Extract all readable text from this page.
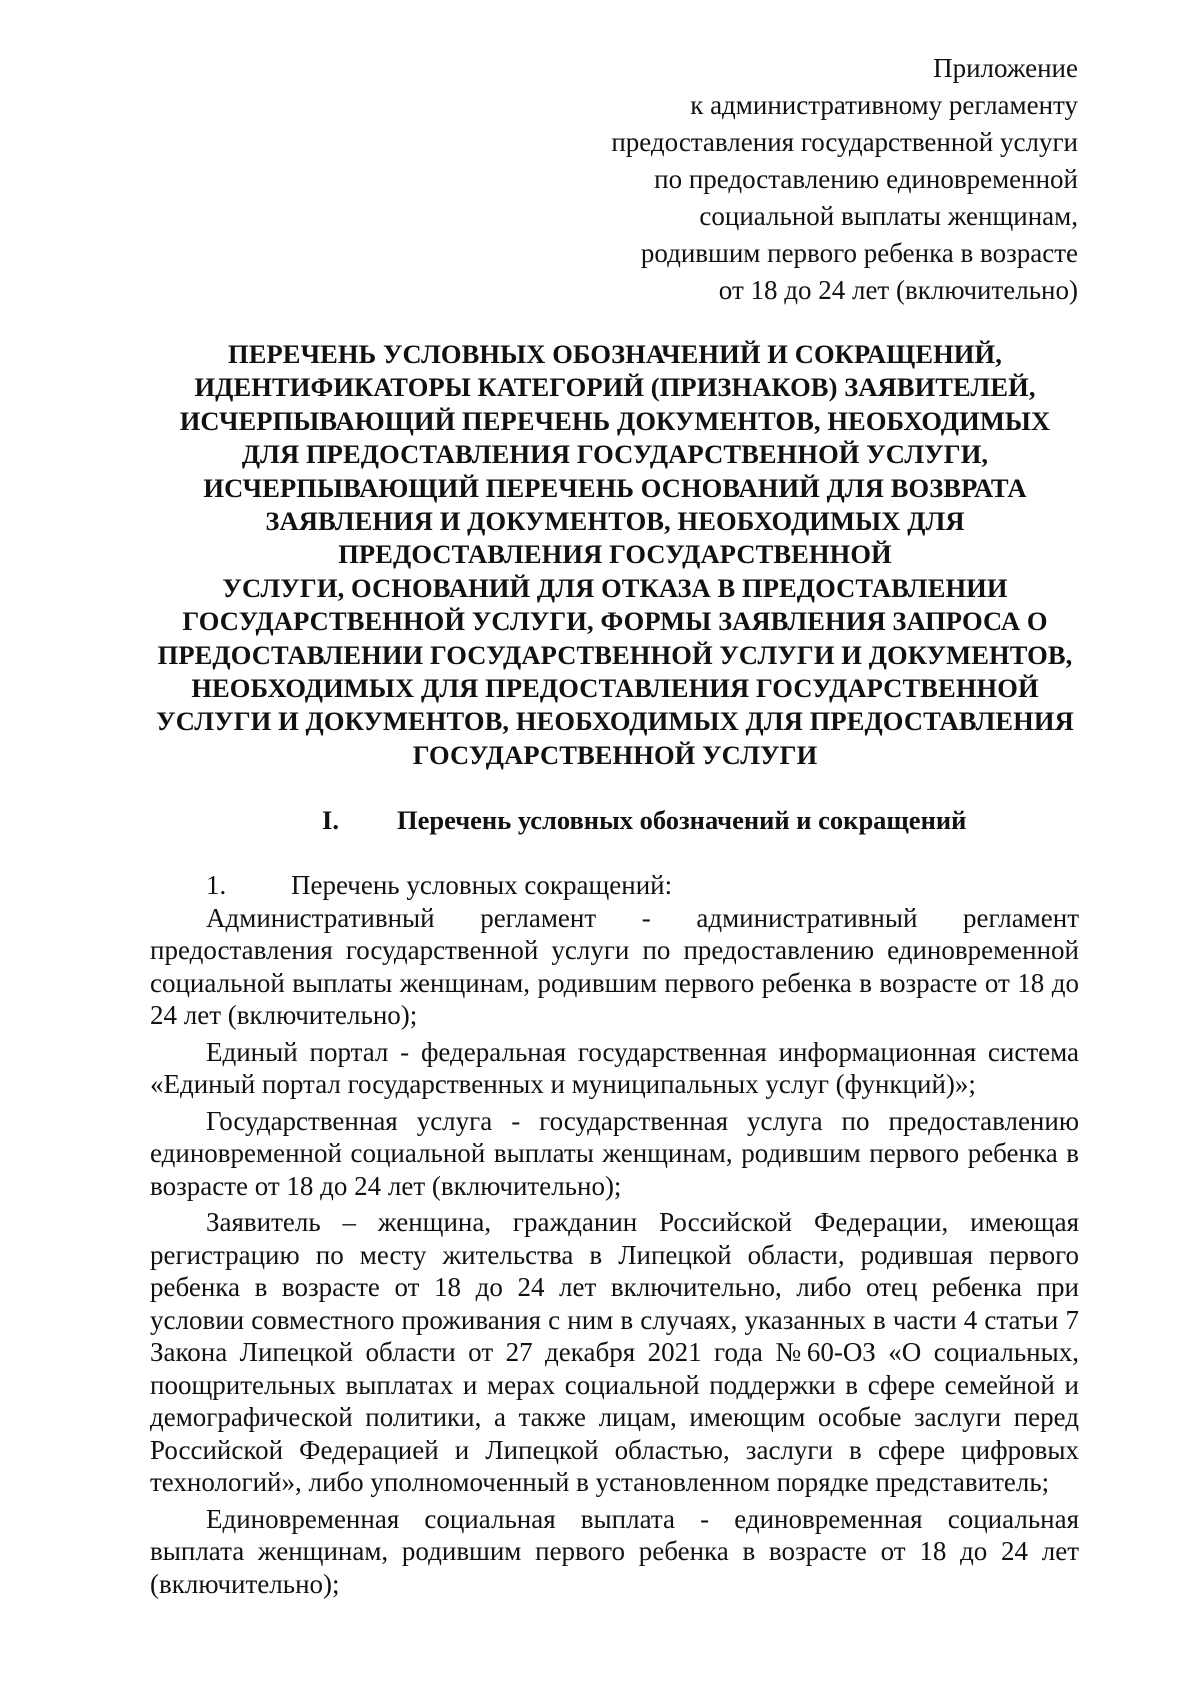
Приложение
к административному регламенту
предоставления государственной услуги
по предоставлению единовременной
социальной выплаты женщинам,
родившим первого ребенка в возрасте
от 18 до 24 лет (включительно)
ПЕРЕЧЕНЬ УСЛОВНЫХ ОБОЗНАЧЕНИЙ И СОКРАЩЕНИЙ,
ИДЕНТИФИКАТОРЫ КАТЕГОРИЙ (ПРИЗНАКОВ) ЗАЯВИТЕЛЕЙ,
ИСЧЕРПЫВАЮЩИЙ ПЕРЕЧЕНЬ ДОКУМЕНТОВ, НЕОБХОДИМЫХ
ДЛЯ ПРЕДОСТАВЛЕНИЯ ГОСУДАРСТВЕННОЙ УСЛУГИ,
ИСЧЕРПЫВАЮЩИЙ ПЕРЕЧЕНЬ ОСНОВАНИЙ ДЛЯ ВОЗВРАТА
ЗАЯВЛЕНИЯ И ДОКУМЕНТОВ, НЕОБХОДИМЫХ ДЛЯ
ПРЕДОСТАВЛЕНИЯ ГОСУДАРСТВЕННОЙ
УСЛУГИ, ОСНОВАНИЙ ДЛЯ ОТКАЗА В ПРЕДОСТАВЛЕНИИ
ГОСУДАРСТВЕННОЙ УСЛУГИ, ФОРМЫ ЗАЯВЛЕНИЯ ЗАПРОСА О
ПРЕДОСТАВЛЕНИИ ГОСУДАРСТВЕННОЙ УСЛУГИ И ДОКУМЕНТОВ,
НЕОБХОДИМЫХ ДЛЯ ПРЕДОСТАВЛЕНИЯ ГОСУДАРСТВЕННОЙ
УСЛУГИ И ДОКУМЕНТОВ, НЕОБХОДИМЫХ ДЛЯ ПРЕДОСТАВЛЕНИЯ
ГОСУДАРСТВЕННОЙ УСЛУГИ
I. Перечень условных обозначений и сокращений
1. Перечень условных сокращений:

Административный регламент - административный регламент предоставления государственной услуги по предоставлению единовременной социальной выплаты женщинам, родившим первого ребенка в возрасте от 18 до 24 лет (включительно);

Единый портал - федеральная государственная информационная система «Единый портал государственных и муниципальных услуг (функций)»;

Государственная услуга - государственная услуга по предоставлению единовременной социальной выплаты женщинам, родившим первого ребенка в возрасте от 18 до 24 лет (включительно);

Заявитель – женщина, гражданин Российской Федерации, имеющая регистрацию по месту жительства в Липецкой области, родившая первого ребенка в возрасте от 18 до 24 лет включительно, либо отец ребенка при условии совместного проживания с ним в случаях, указанных в части 4 статьи 7 Закона Липецкой области от 27 декабря 2021 года №60-ОЗ «О социальных, поощрительных выплатах и мерах социальной поддержки в сфере семейной и демографической политики, а также лицам, имеющим особые заслуги перед Российской Федерацией и Липецкой областью, заслуги в сфере цифровых технологий», либо уполномоченный в установленном порядке представитель;

Единовременная социальная выплата - единовременная социальная выплата женщинам, родившим первого ребенка в возрасте от 18 до 24 лет (включительно);
